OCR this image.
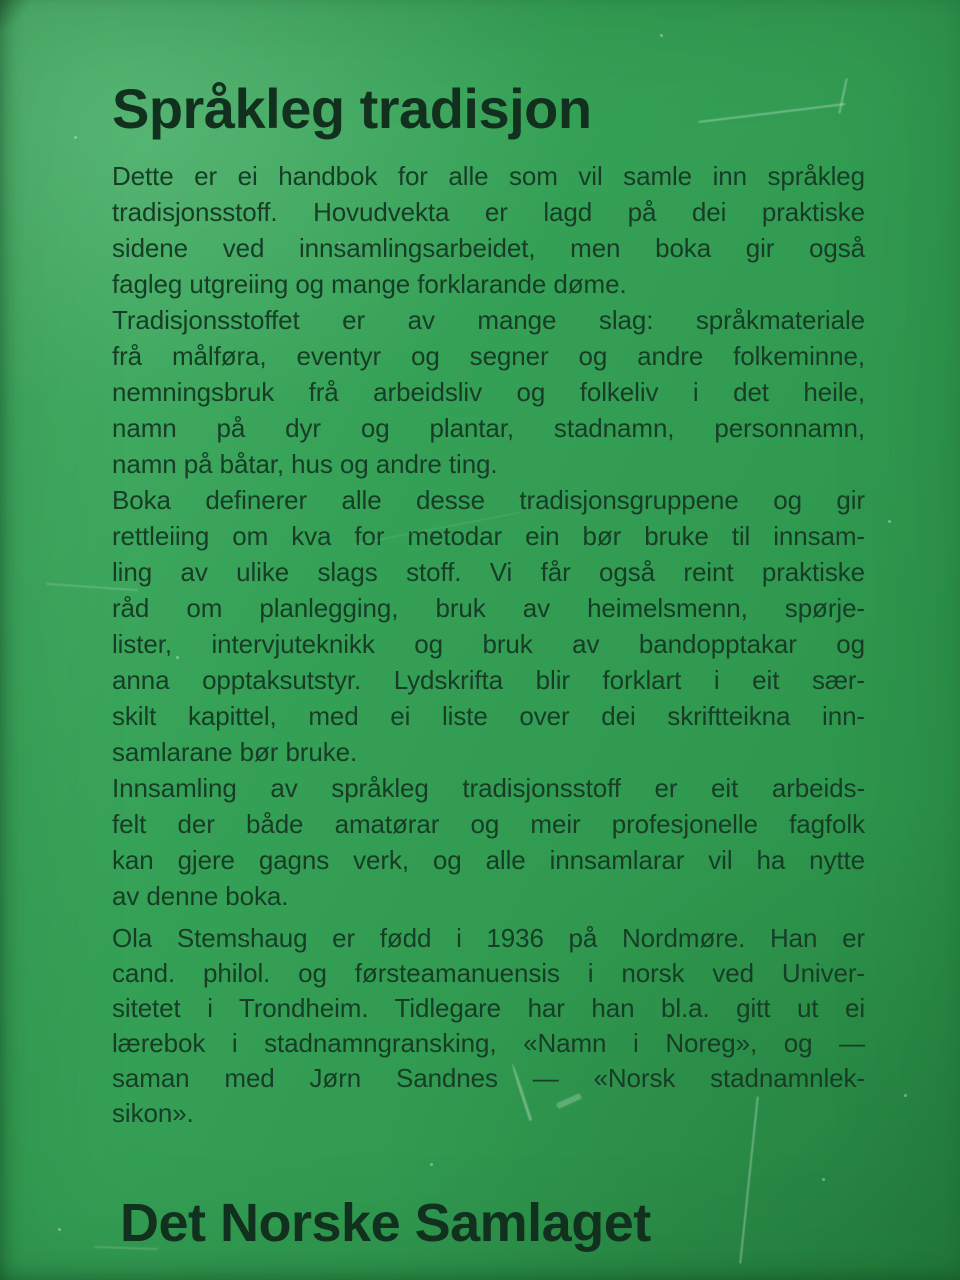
Språkleg tradisjon
Dette er ei handbok for alle som vil samle inn språkleg
tradisjonsstoff. Hovudvekta er lagd på dei praktiske
sidene ved innsamlingsarbeidet, men boka gir også
fagleg utgreiing og mange forklarande døme.
Tradisjonsstoffet er av mange slag: språkmateriale
frå målføra, eventyr og segner og andre folkeminne,
nemningsbruk frå arbeidsliv og folkeliv i det heile,
namn på dyr og plantar, stadnamn, personnamn,
namn på båtar, hus og andre ting.
Boka definerer alle desse tradisjonsgruppene og gir
rettleiing om kva for metodar ein bør bruke til innsam-
ling av ulike slags stoff. Vi får også reint praktiske
råd om planlegging, bruk av heimelsmenn, spørje-
lister, intervjuteknikk og bruk av bandopptakar og
anna opptaksutstyr. Lydskrifta blir forklart i eit sær-
skilt kapittel, med ei liste over dei skriftteikna inn-
samlarane bør bruke.
Innsamling av språkleg tradisjonsstoff er eit arbeids-
felt der både amatørar og meir profesjonelle fagfolk
kan gjere gagns verk, og alle innsamlarar vil ha nytte
av denne boka.
Ola Stemshaug er fødd i 1936 på Nordmøre. Han er
cand. philol. og førsteamanuensis i norsk ved Univer-
sitetet i Trondheim. Tidlegare har han bl.a. gitt ut ei
lærebok i stadnamngransking, «Namn i Noreg», og —
saman med Jørn Sandnes — «Norsk stadnamnlek-
sikon».
Det Norske Samlaget
